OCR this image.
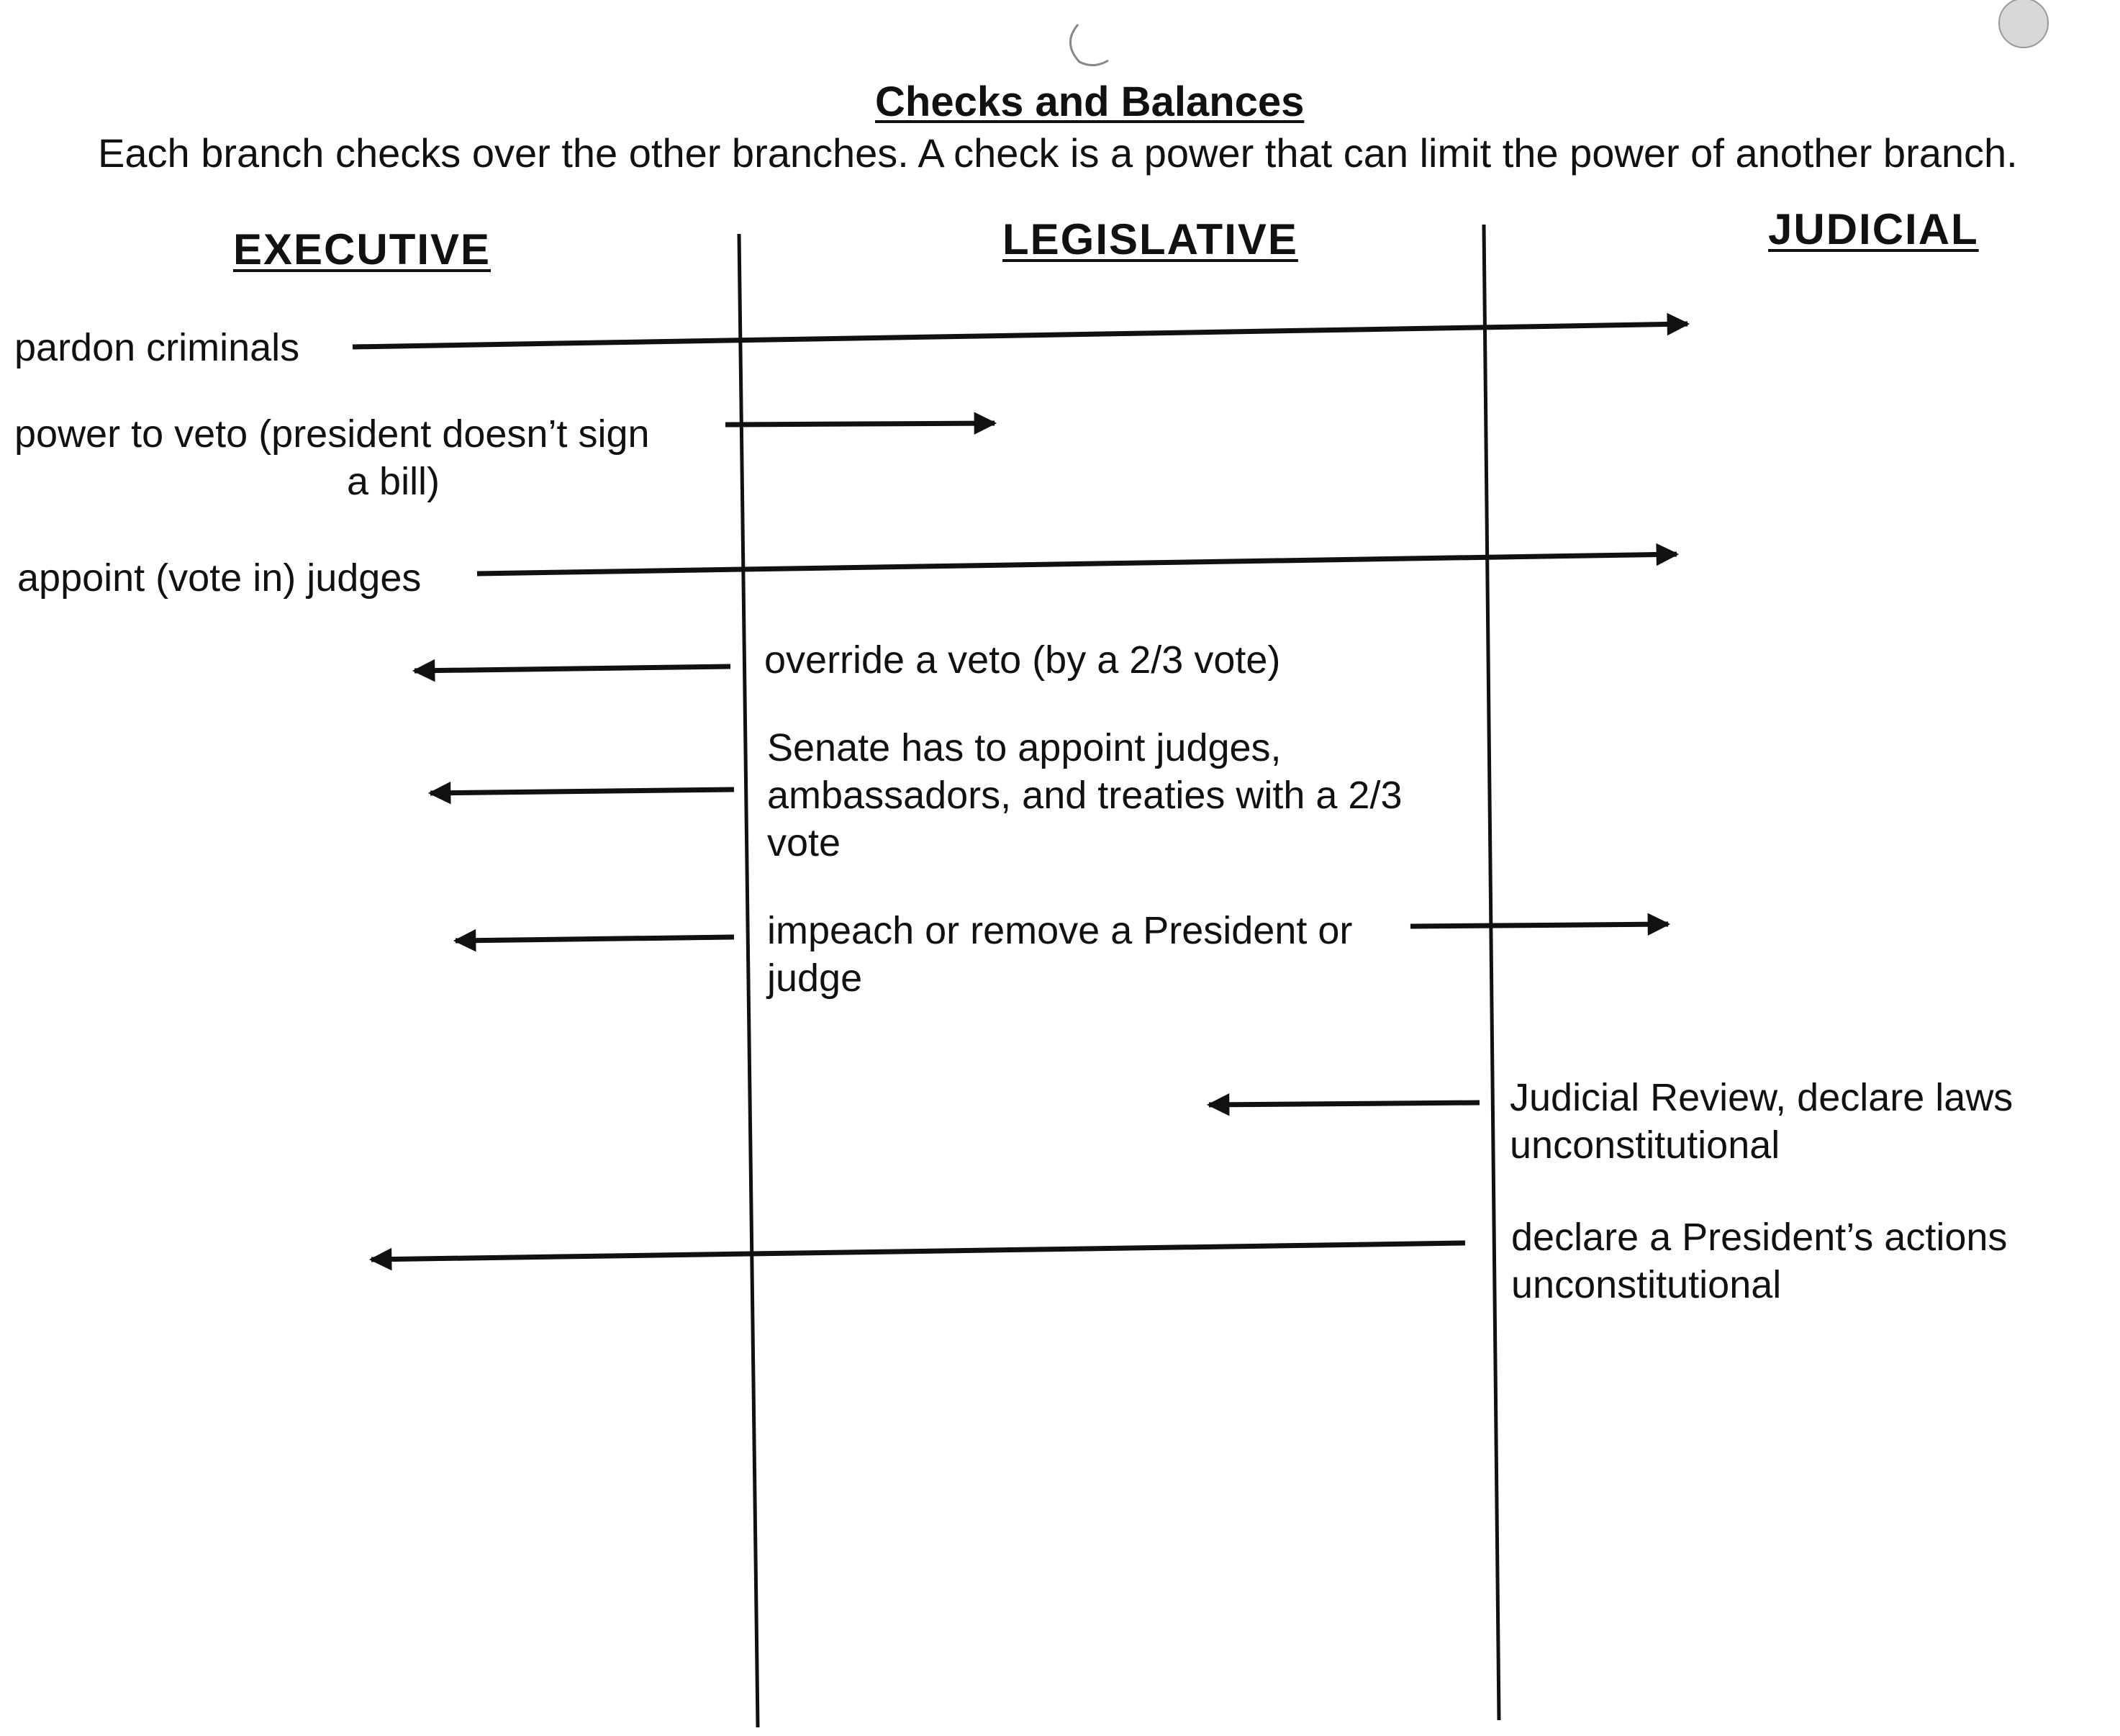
Checks and Balances
Each branch checks over the other branches. A check is a power that can limit the power of another branch.
EXECUTIVE	LEGISLATIVE	JUDICIAL
pardon criminals
power to veto (president doesn’t sign
a bill)
appoint (vote in) judges
override a veto (by a 2/3 vote)
Senate has to appoint judges,
ambassadors, and treaties with a 2/3
vote
impeach or remove a President or
judge
Judicial Review, declare laws
unconstitutional
declare a President’s actions
unconstitutional
